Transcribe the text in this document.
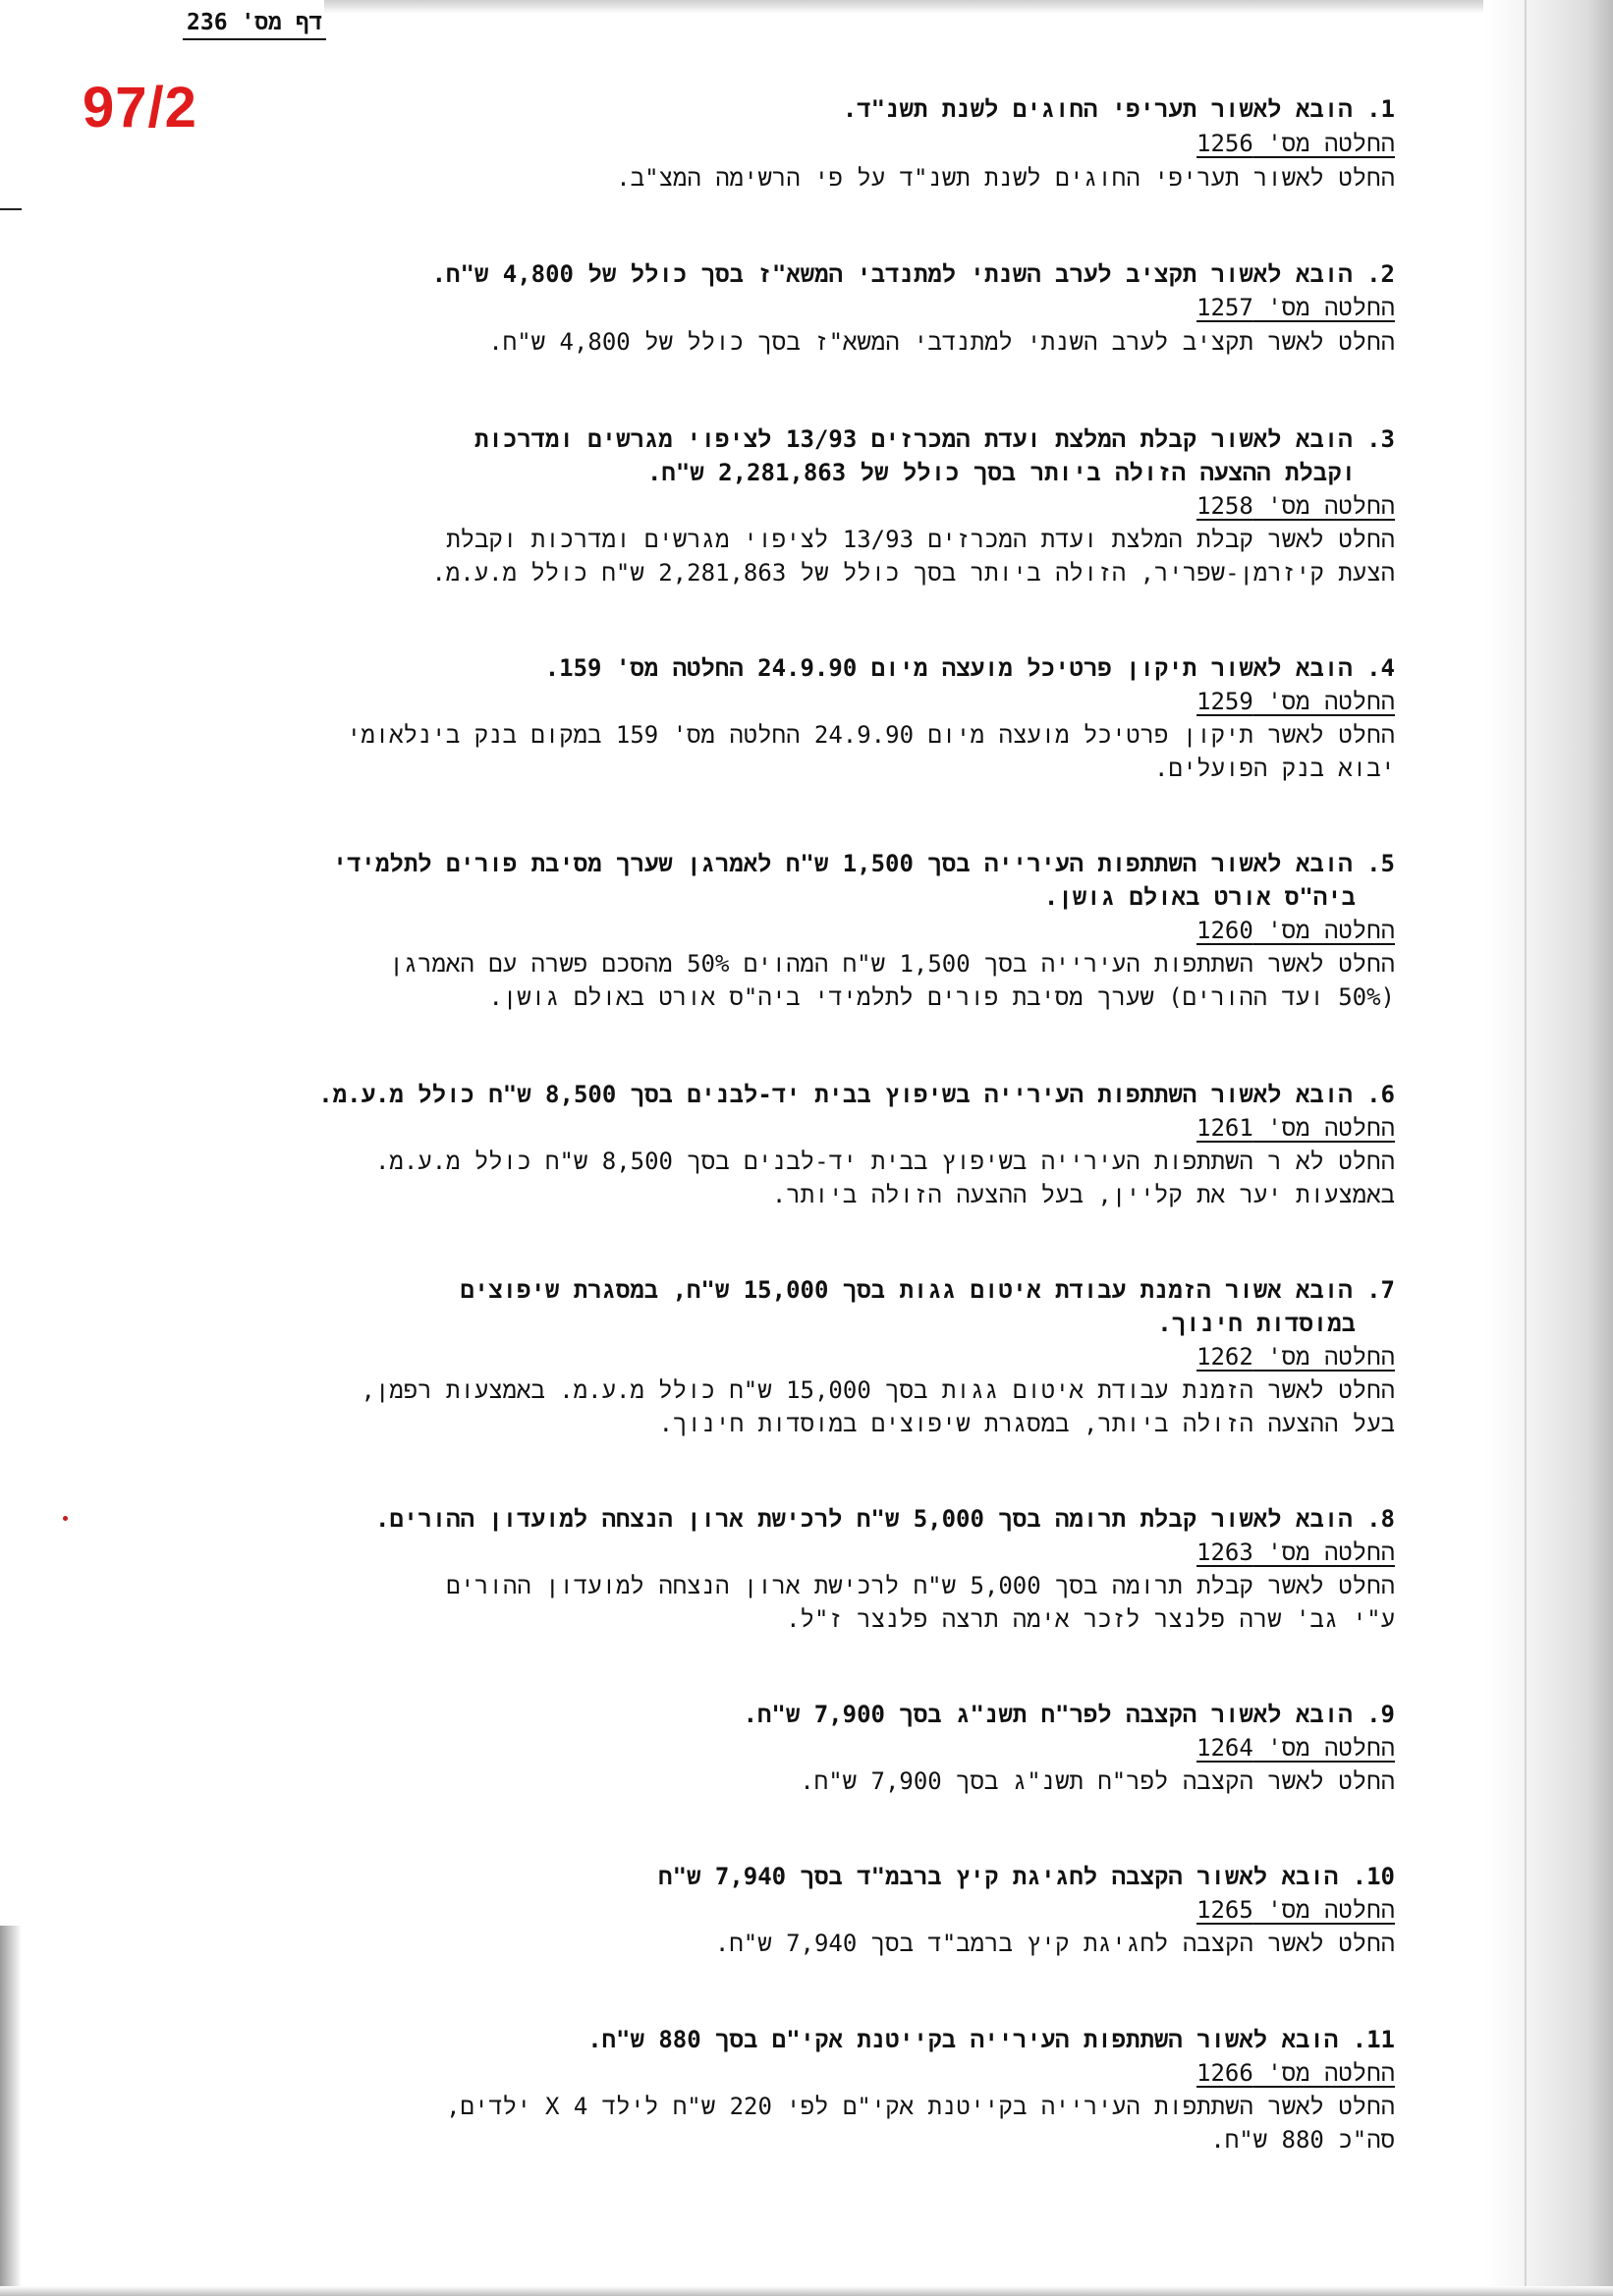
דף מס' 236
97/2	1. הובא לאשור תעריפי החוגים לשנת תשנ"ד.
החלטה מס' 1256
החלט לאשור תעריפי החוגים לשנת תשנ"ד על פי הרשימה המצ"ב.
2. הובא לאשור תקציב לערב השנתי למתנדבי המשא"ז בסך כולל של 4,800 ש"ח.
החלטה מס' 1257
החלט לאשר תקציב לערב השנתי למתנדבי המשא"ז בסך כולל של 4,800 ש"ח.
3. הובא לאשור קבלת המלצת ועדת המכרזים 13/93 לציפוי מגרשים ומדרכות
וקבלת ההצעה הזולה ביותר בסך כולל של 2,281,863 ש"ח.
החלטה מס' 1258
החלט לאשר קבלת המלצת ועדת המכרזים 13/93 לציפוי מגרשים ומדרכות וקבלת
הצעת קיזרמן-שפריר, הזולה ביותר בסך כולל של 2,281,863 ש"ח כולל מ.ע.מ.
4. הובא לאשור תיקון פרטיכל מועצה מיום 24.9.90 החלטה מס' 159.
החלטה מס' 1259
החלט לאשר תיקון פרטיכל מועצה מיום 24.9.90 החלטה מס' 159 במקום בנק בינלאומי
יבוא בנק הפועלים.
5. הובא לאשור השתתפות העירייה בסך 1,500 ש"ח לאמרגן שערך מסיבת פורים לתלמידי
ביה"ס אורט באולם גושן.
החלטה מס' 1260
החלט לאשר השתתפות העירייה בסך 1,500 ש"ח המהוים 50% מהסכם פשרה עם האמרגן
(50% ועד ההורים) שערך מסיבת פורים לתלמידי ביה"ס אורט באולם גושן.
6. הובא לאשור השתתפות העירייה בשיפוץ בבית יד-לבנים בסך 8,500 ש"ח כולל מ.ע.מ.
החלטה מס' 1261
החלט לא ר השתתפות העירייה בשיפוץ בבית יד-לבנים בסך 8,500 ש"ח כולל מ.ע.מ.
באמצעות יער את קליין, בעל ההצעה הזולה ביותר.
7. הובא אשור הזמנת עבודת איטום גגות בסך 15,000 ש"ח, במסגרת שיפוצים
במוסדות חינוך.
החלטה מס' 1262
החלט לאשר הזמנת עבודת איטום גגות בסך 15,000 ש"ח כולל מ.ע.מ. באמצעות רפמן,
בעל ההצעה הזולה ביותר, במסגרת שיפוצים במוסדות חינוך.
8. הובא לאשור קבלת תרומה בסך 5,000 ש"ח לרכישת ארון הנצחה למועדון ההורים.
החלטה מס' 1263
החלט לאשר קבלת תרומה בסך 5,000 ש"ח לרכישת ארון הנצחה למועדון ההורים
ע"י גב' שרה פלנצר לזכר אימה תרצה פלנצר ז"ל.
9. הובא לאשור הקצבה לפר"ח תשנ"ג בסך 7,900 ש"ח.
החלטה מס' 1264
החלט לאשר הקצבה לפר"ח תשנ"ג בסך 7,900 ש"ח.
10. הובא לאשור הקצבה לחגיגת קיץ ברבמ"ד בסך 7,940 ש"ח
החלטה מס' 1265
החלט לאשר הקצבה לחגיגת קיץ ברמב"ד בסך 7,940 ש"ח.
11. הובא לאשור השתתפות העירייה בקייטנת אקי"ם בסך 880 ש"ח.
החלטה מס' 1266
החלט לאשר השתתפות העירייה בקייטנת אקי"ם לפי 220 ש"ח לילד X 4 ילדים,
סה"כ 880 ש"ח.
